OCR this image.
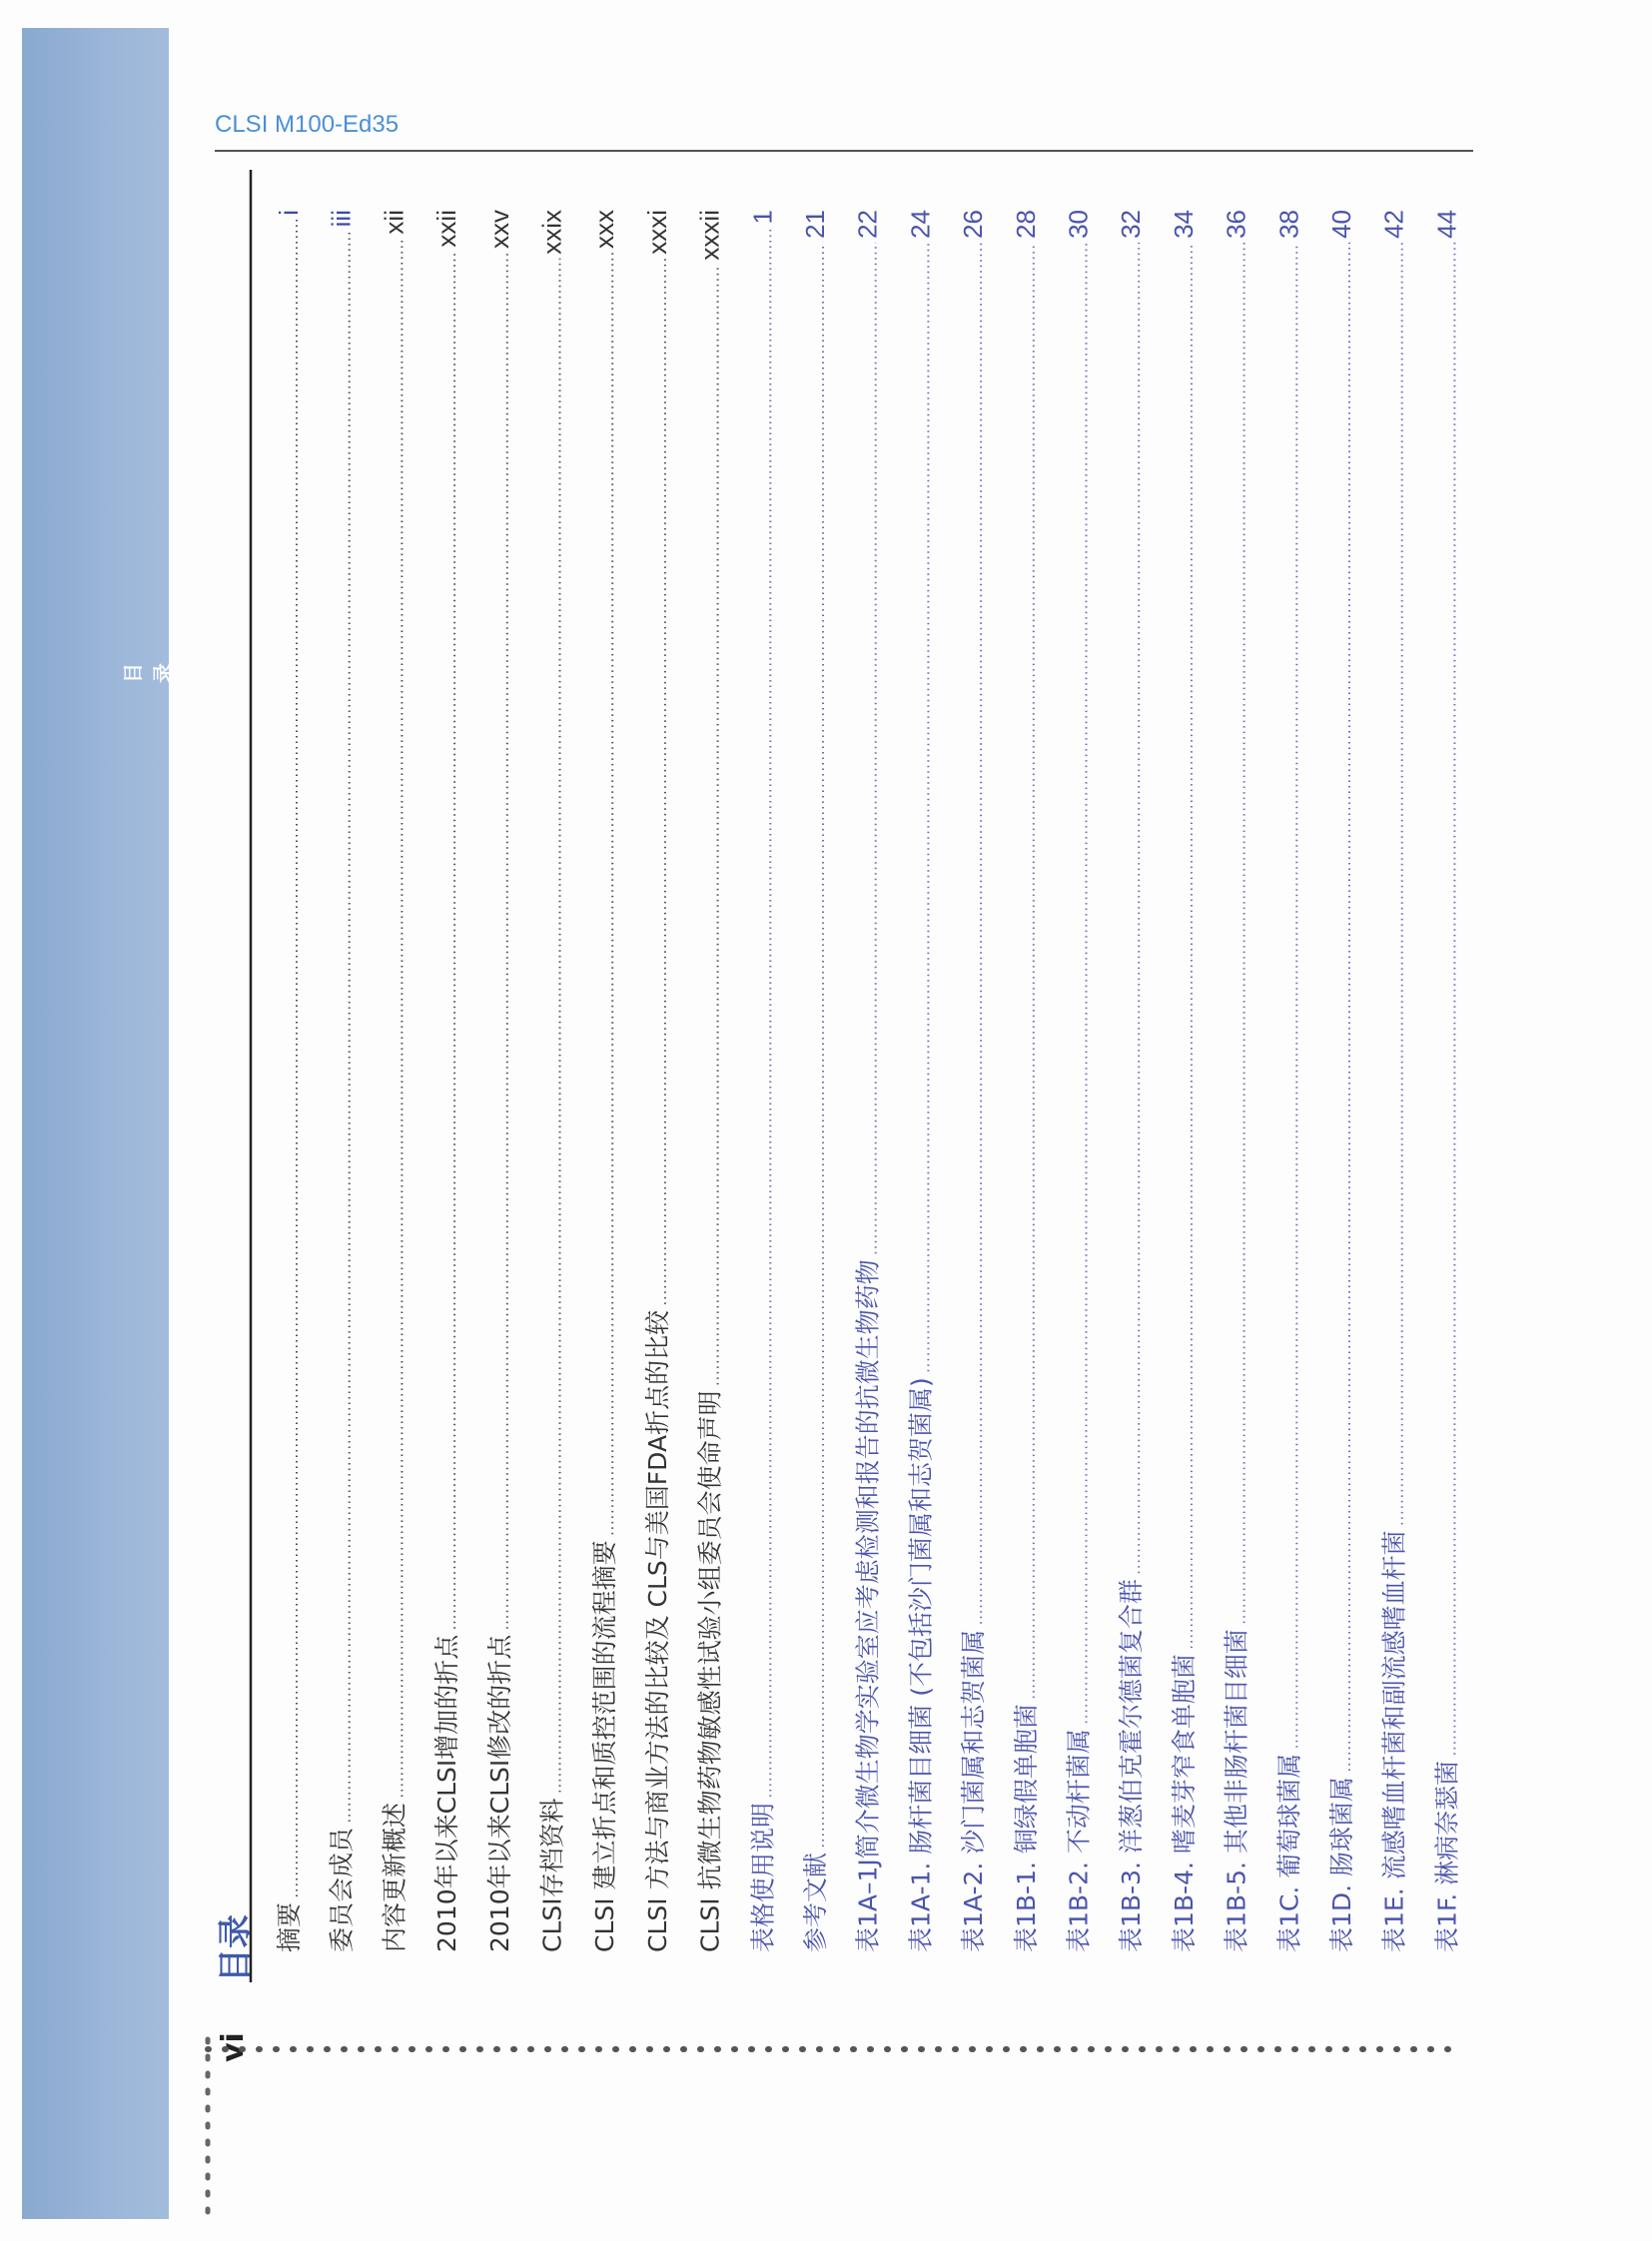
目录
CLSI M100-Ed35
目录 摘要
i
委员会成员
iii
内容更新概述
xii
2010年以来CLSI增加的折点
xxii
2010年以来CLSI修改的折点
xxv
CLSI存档资料
xxix
CLSI 建立折点和质控范围的流程摘要
xxx
CLSI 方法与商业方法的比较及 CLS与美国FDA折点的比较
xxxi
CLSI 抗微生物药物敏感性试验小组委员会使命声明
xxxii
表格使用说明
1
参考文献
21
表1A–1J简介微生物学实验室应考虑检测和报告的抗微生物药物
22
表1A-1. 肠杆菌目细菌 (不包括沙门菌属和志贺菌属)
24
表1A-2. 沙门菌属和志贺菌属
26
表1B-1. 铜绿假单胞菌
28
表1B-2. 不动杆菌属
30
表1B-3. 洋葱伯克霍尔德菌复合群
32
表1B-4. 嗜麦芽窄食单胞菌
34
表1B-5. 其他非肠杆菌目细菌
36
表1C. 葡萄球菌属
38
表1D. 肠球菌属
40
表1E. 流感嗜血杆菌和副流感嗜血杆菌
42
表1F. 淋病奈瑟菌
44
vi
